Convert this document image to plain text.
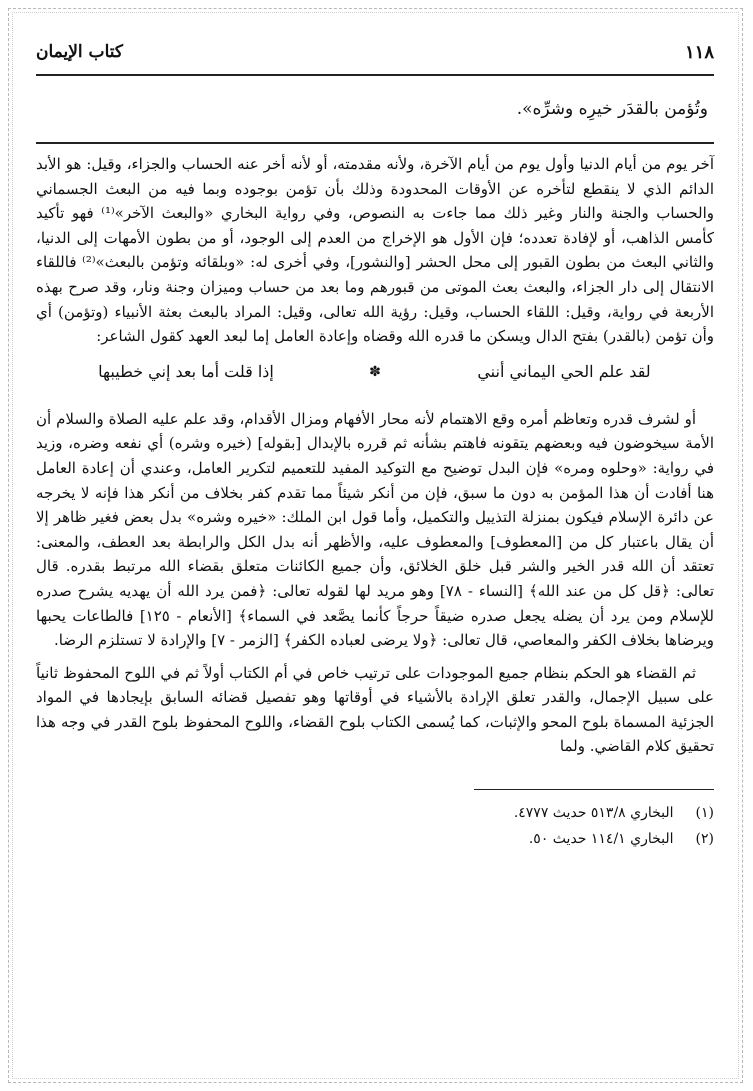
١١٨
كتاب الإيمان
وتُؤمن بالقدَر خيرِه وشرِّه».

آخر يوم من أيام الدنيا وأول يوم من أيام الآخرة، ولأنه مقدمته، أو لأنه أخر عنه الحساب والجزاء، وقيل: هو الأبد الدائم الذي لا ينقطع لتأخره عن الأوقات المحدودة وذلك بأن تؤمن بوجوده وبما فيه من البعث الجسماني والحساب والجنة والنار وغير ذلك مما جاءت به النصوص، وفي رواية البخاري «والبعث الآخر»⁽¹⁾ فهو تأكيد كأمس الذاهب، أو لإفادة تعدده؛ فإن الأول هو الإخراج من العدم إلى الوجود، أو من بطون الأمهات إلى الدنيا، والثاني البعث من بطون القبور إلى محل الحشر [والنشور]، وفي أخرى له: «وبلقائه وتؤمن بالبعث»⁽²⁾ فاللقاء الانتقال إلى دار الجزاء، والبعث بعث الموتى من قبورهم وما بعد من حساب وميزان وجنة ونار، وقد صرح بهذه الأربعة في رواية، وقيل: اللقاء الحساب، وقيل: رؤية الله تعالى، وقيل: المراد بالبعث بعثة الأنبياء (وتؤمن) أي وأن تؤمن (بالقدر) بفتح الدال ويسكن ما قدره الله وقضاه وإعادة العامل إما لبعد العهد كقول الشاعر:

لقد علم الحي اليماني أنني
✽
إذا قلت أما بعد إني خطيبها

أو لشرف قدره وتعاظم أمره وقع الاهتمام لأنه محار الأفهام ومزال الأقدام، وقد علم عليه الصلاة والسلام أن الأمة سيخوضون فيه وبعضهم يتقونه فاهتم بشأنه ثم قرره بالإبدال [بقوله] (خيره وشره) أي نفعه وضره، وزيد في رواية: «وحلوه ومره» فإن البدل توضيح مع التوكيد المفيد للتعميم لتكرير العامل، وعندي أن إعادة العامل هنا أفادت أن هذا المؤمن به دون ما سبق، فإن من أنكر شيئاً مما تقدم كفر بخلاف من أنكر هذا فإنه لا يخرجه عن دائرة الإسلام فيكون بمنزلة التذييل والتكميل، وأما قول ابن الملك: «خيره وشره» بدل بعض فغير ظاهر إلا أن يقال باعتبار كل من [المعطوف] والمعطوف عليه، والأظهر أنه بدل الكل والرابطة بعد العطف، والمعنى: تعتقد أن الله قدر الخير والشر قبل خلق الخلائق، وأن جميع الكائنات متعلق بقضاء الله مرتبط بقدره. قال تعالى: ﴿قل كل من عند الله﴾ [النساء - ٧٨] وهو مريد لها لقوله تعالى: ﴿فمن يرد الله أن يهديه يشرح صدره للإسلام ومن يرد أن يضله يجعل صدره ضيقاً حرجاً كأنما يصَّعد في السماء﴾ [الأنعام - ١٢٥] فالطاعات يحبها ويرضاها بخلاف الكفر والمعاصي، قال تعالى: ﴿ولا يرضى لعباده الكفر﴾ [الزمر - ٧] والإرادة لا تستلزم الرضا.

ثم القضاء هو الحكم بنظام جميع الموجودات على ترتيب خاص في أم الكتاب أولاً ثم في اللوح المحفوظ ثانياً على سبيل الإجمال، والقدر تعلق الإرادة بالأشياء في أوقاتها وهو تفصيل قضائه السابق بإيجادها في المواد الجزئية المسماة بلوح المحو والإثبات، كما يُسمى الكتاب بلوح القضاء، واللوح المحفوظ بلوح القدر في وجه هذا تحقيق كلام القاضي. ولما

(١) البخاري ٥١٣/٨ حديث ٤٧٧٧.
(٢) البخاري ١١٤/١ حديث ٥٠.
